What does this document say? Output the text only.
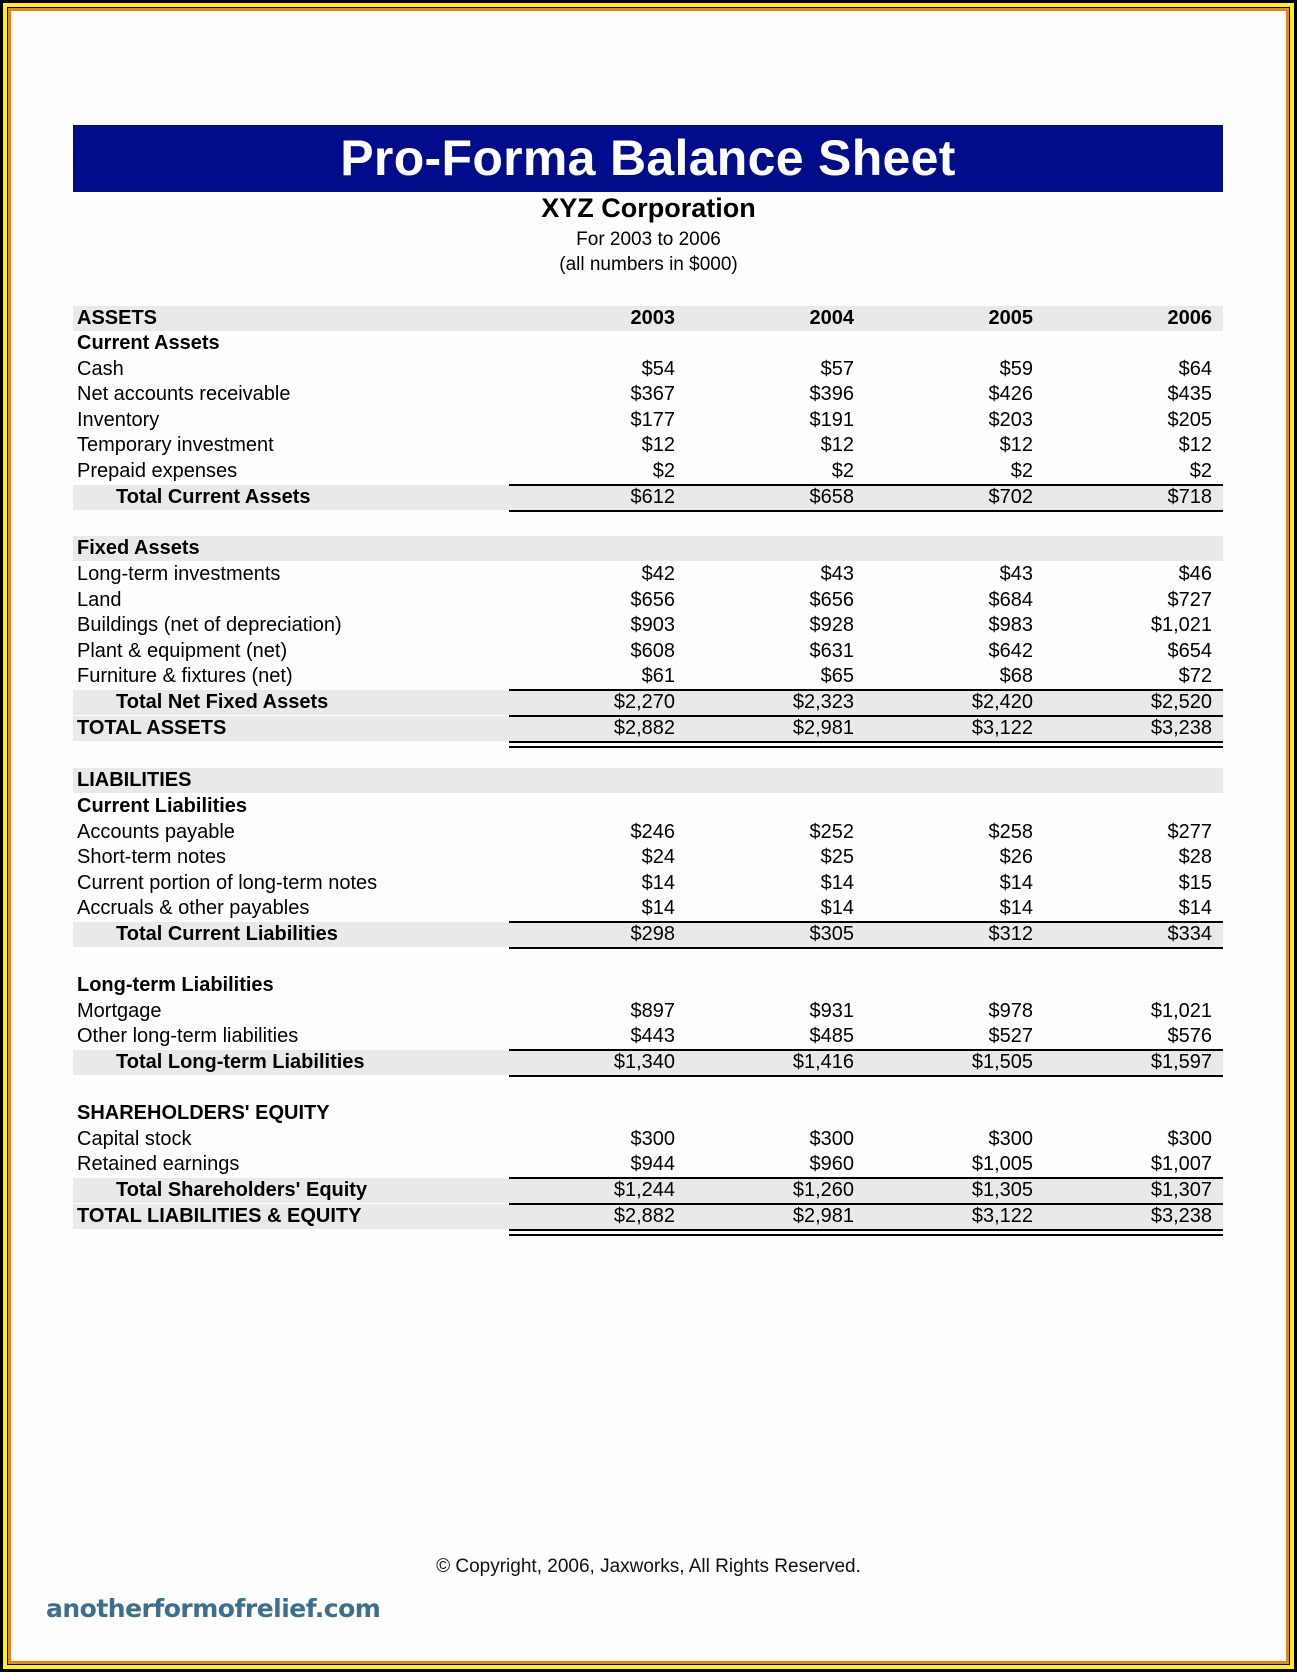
Pro-Forma Balance Sheet
XYZ Corporation
For 2003 to 2006
(all numbers in $000)
ASSETS	2003	2004	2005	2006
Current Assets
Cash	$54	$57	$59	$64
Net accounts receivable	$367	$396	$426	$435
Inventory	$177	$191	$203	$205
Temporary investment	$12	$12	$12	$12
Prepaid expenses	$2	$2	$2	$2
Total Current Assets	$612	$658	$702	$718
Fixed Assets
Long-term investments	$42	$43	$43	$46
Land	$656	$656	$684	$727
Buildings (net of depreciation)	$903	$928	$983	$1,021
Plant & equipment (net)	$608	$631	$642	$654
Furniture & fixtures (net)	$61	$65	$68	$72
Total Net Fixed Assets	$2,270	$2,323	$2,420	$2,520
TOTAL ASSETS	$2,882	$2,981	$3,122	$3,238
LIABILITIES
Current Liabilities
Accounts payable	$246	$252	$258	$277
Short-term notes	$24	$25	$26	$28
Current portion of long-term notes	$14	$14	$14	$15
Accruals & other payables	$14	$14	$14	$14
Total Current Liabilities	$298	$305	$312	$334
Long-term Liabilities
Mortgage	$897	$931	$978	$1,021
Other long-term liabilities	$443	$485	$527	$576
Total Long-term Liabilities	$1,340	$1,416	$1,505	$1,597
SHAREHOLDERS' EQUITY
Capital stock	$300	$300	$300	$300
Retained earnings	$944	$960	$1,005	$1,007
Total Shareholders' Equity	$1,244	$1,260	$1,305	$1,307
TOTAL LIABILITIES & EQUITY	$2,882	$2,981	$3,122	$3,238
© Copyright, 2006, Jaxworks, All Rights Reserved.
anotherformofrelief.com
